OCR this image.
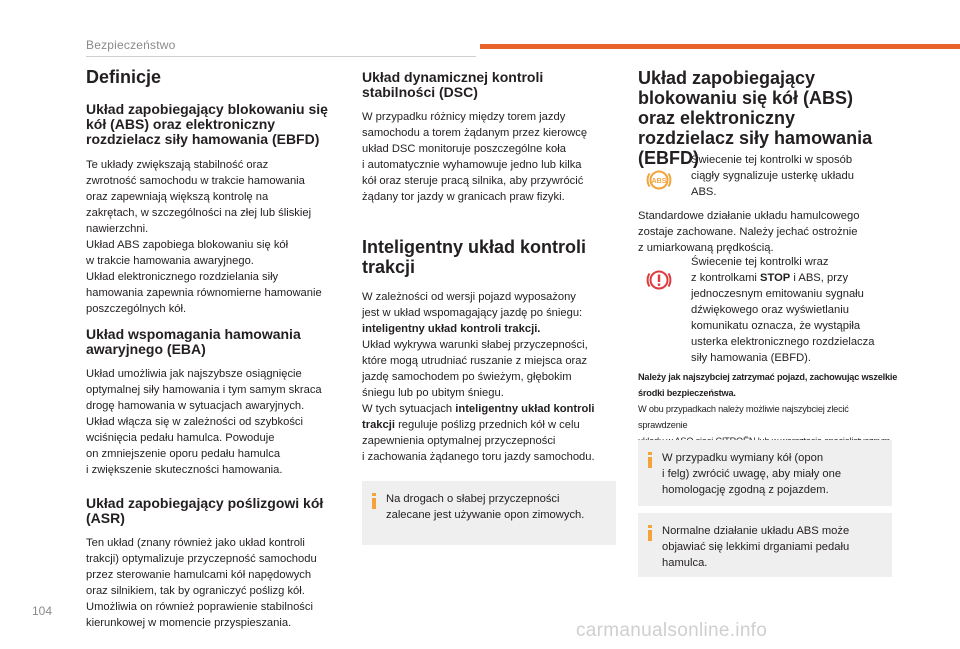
Bezpieczeństwo
Definicje
Układ zapobiegający blokowaniu się kół (ABS) oraz elektroniczny rozdzielacz siły hamowania (EBFD)

Te układy zwiększają stabilność oraz

zwrotność samochodu w trakcie hamowania

oraz zapewniają większą kontrolę na

zakrętach, w szczególności na złej lub śliskiej

nawierzchni.

Układ ABS zapobiega blokowaniu się kół

w trakcie hamowania awaryjnego.

Układ elektronicznego rozdzielania siły

hamowania zapewnia równomierne hamowanie

poszczególnych kół.

Układ wspomagania hamowania awaryjnego (EBA)

Układ umożliwia jak najszybsze osiągnięcie

optymalnej siły hamowania i tym samym skraca

drogę hamowania w sytuacjach awaryjnych.

Układ włącza się w zależności od szybkości

wciśnięcia pedału hamulca. Powoduje

on zmniejszenie oporu pedału hamulca

i zwiększenie skuteczności hamowania.

Układ zapobiegający poślizgowi kół (ASR)

Ten układ (znany również jako układ kontroli

trakcji) optymalizuje przyczepność samochodu

przez sterowanie hamulcami kół napędowych

oraz silnikiem, tak by ograniczyć poślizg kół.

Umożliwia on również poprawienie stabilności

kierunkowej w momencie przyspieszania.

Układ dynamicznej kontroli stabilności (DSC)

W przypadku różnicy między torem jazdy

samochodu a torem żądanym przez kierowcę

układ DSC monitoruje poszczególne koła

i automatycznie wyhamowuje jedno lub kilka

kół oraz steruje pracą silnika, aby przywrócić

żądany tor jazdy w granicach praw fizyki.

Inteligentny układ kontroli trakcji

W zależności od wersji pojazd wyposażony

jest w układ wspomagający jazdę po śniegu:

inteligentny układ kontroli trakcji.

Układ wykrywa warunki słabej przyczepności,

które mogą utrudniać ruszanie z miejsca oraz

jazdę samochodem po świeżym, głębokim

śniegu lub po ubitym śniegu.

W tych sytuacjach inteligentny układ kontroli

trakcji reguluje poślizg przednich kół w celu

zapewnienia optymalnej przyczepności

i zachowania żądanego toru jazdy samochodu.

Na drogach o słabej przyczepności

zalecane jest używanie opon zimowych.

Układ zapobiegający blokowaniu się kół (ABS) oraz elektroniczny rozdzielacz siły hamowania (EBFD)
ABS

Świecenie tej kontrolki w sposób

ciągły sygnalizuje usterkę układu

ABS.

Standardowe działanie układu hamulcowego

zostaje zachowane. Należy jechać ostrożnie

z umiarkowaną prędkością.

Świecenie tej kontrolki wraz

z kontrolkami STOP i ABS, przy

jednoczesnym emitowaniu sygnału

dźwiękowego oraz wyświetlaniu

komunikatu oznacza, że wystąpiła

usterka elektronicznego rozdzielacza

siły hamowania (EBFD).

Należy jak najszybciej zatrzymać pojazd, zachowując wszelkie

środki bezpieczeństwa.

W obu przypadkach należy możliwie najszybciej zlecić sprawdzenie

W przypadku wymiany kół (opon

i felg) zwrócić uwagę, aby miały one

homologację zgodną z pojazdem.

Normalne działanie układu ABS może

objawiać się lekkimi drganiami pedału

hamulca.

104
carmanualsonline.info
